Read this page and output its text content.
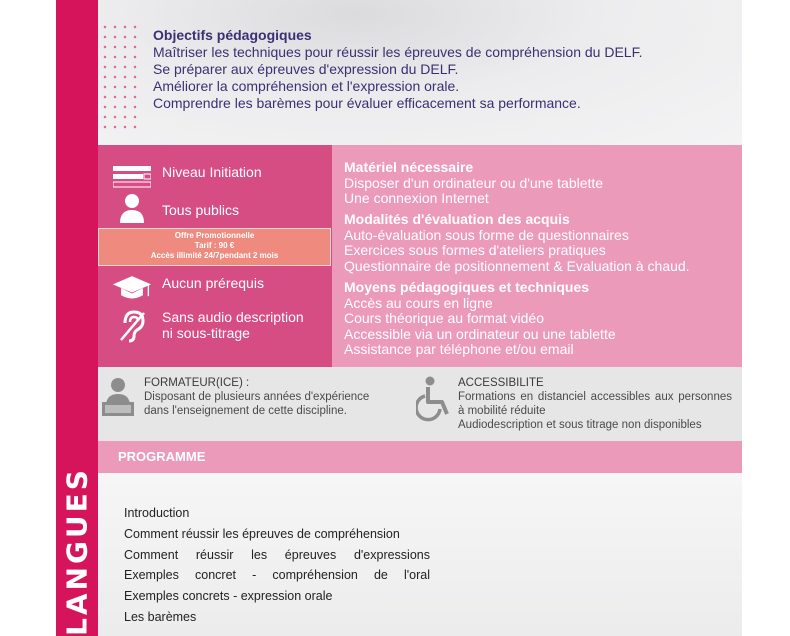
LANGUES
Objectifs pédagogiques
Maîtriser les techniques pour réussir les épreuves de compréhension du DELF.
Se préparer aux épreuves d'expression du DELF.
Améliorer la compréhension et l'expression orale.
Comprendre les barèmes pour évaluer efficacement sa performance.
Niveau Initiation
Tous publics
Offre Promotionnelle
Tarif : 90 €
Accès illimité 24/7pendant 2 mois
Aucun prérequis
Sans audio description
ni sous-titrage
Matériel nécessaire
Disposer d'un ordinateur ou d'une tablette
Une connexion Internet
Modalités d'évaluation des acquis
Auto-évaluation sous forme de questionnaires
Exercices sous formes d'ateliers pratiques
Questionnaire de positionnement & Evaluation à chaud.
Moyens pédagogiques et techniques
Accès au cours en ligne
Cours théorique au format vidéo
Accessible via un ordinateur ou une tablette
Assistance par téléphone et/ou email
FORMATEUR(ICE) :
Disposant de plusieurs années d'expérience
dans l'enseignement de cette discipline.
ACCESSIBILITE
Formations en distanciel accessibles aux personnes à mobilité réduite
Audiodescription et sous titrage non disponibles
PROGRAMME
Introduction
Comment réussir les épreuves de compréhension
Comment réussir les épreuves d'expressions
Exemples concret - compréhension de l'oral
Exemples concrets - expression orale
Les barèmes
